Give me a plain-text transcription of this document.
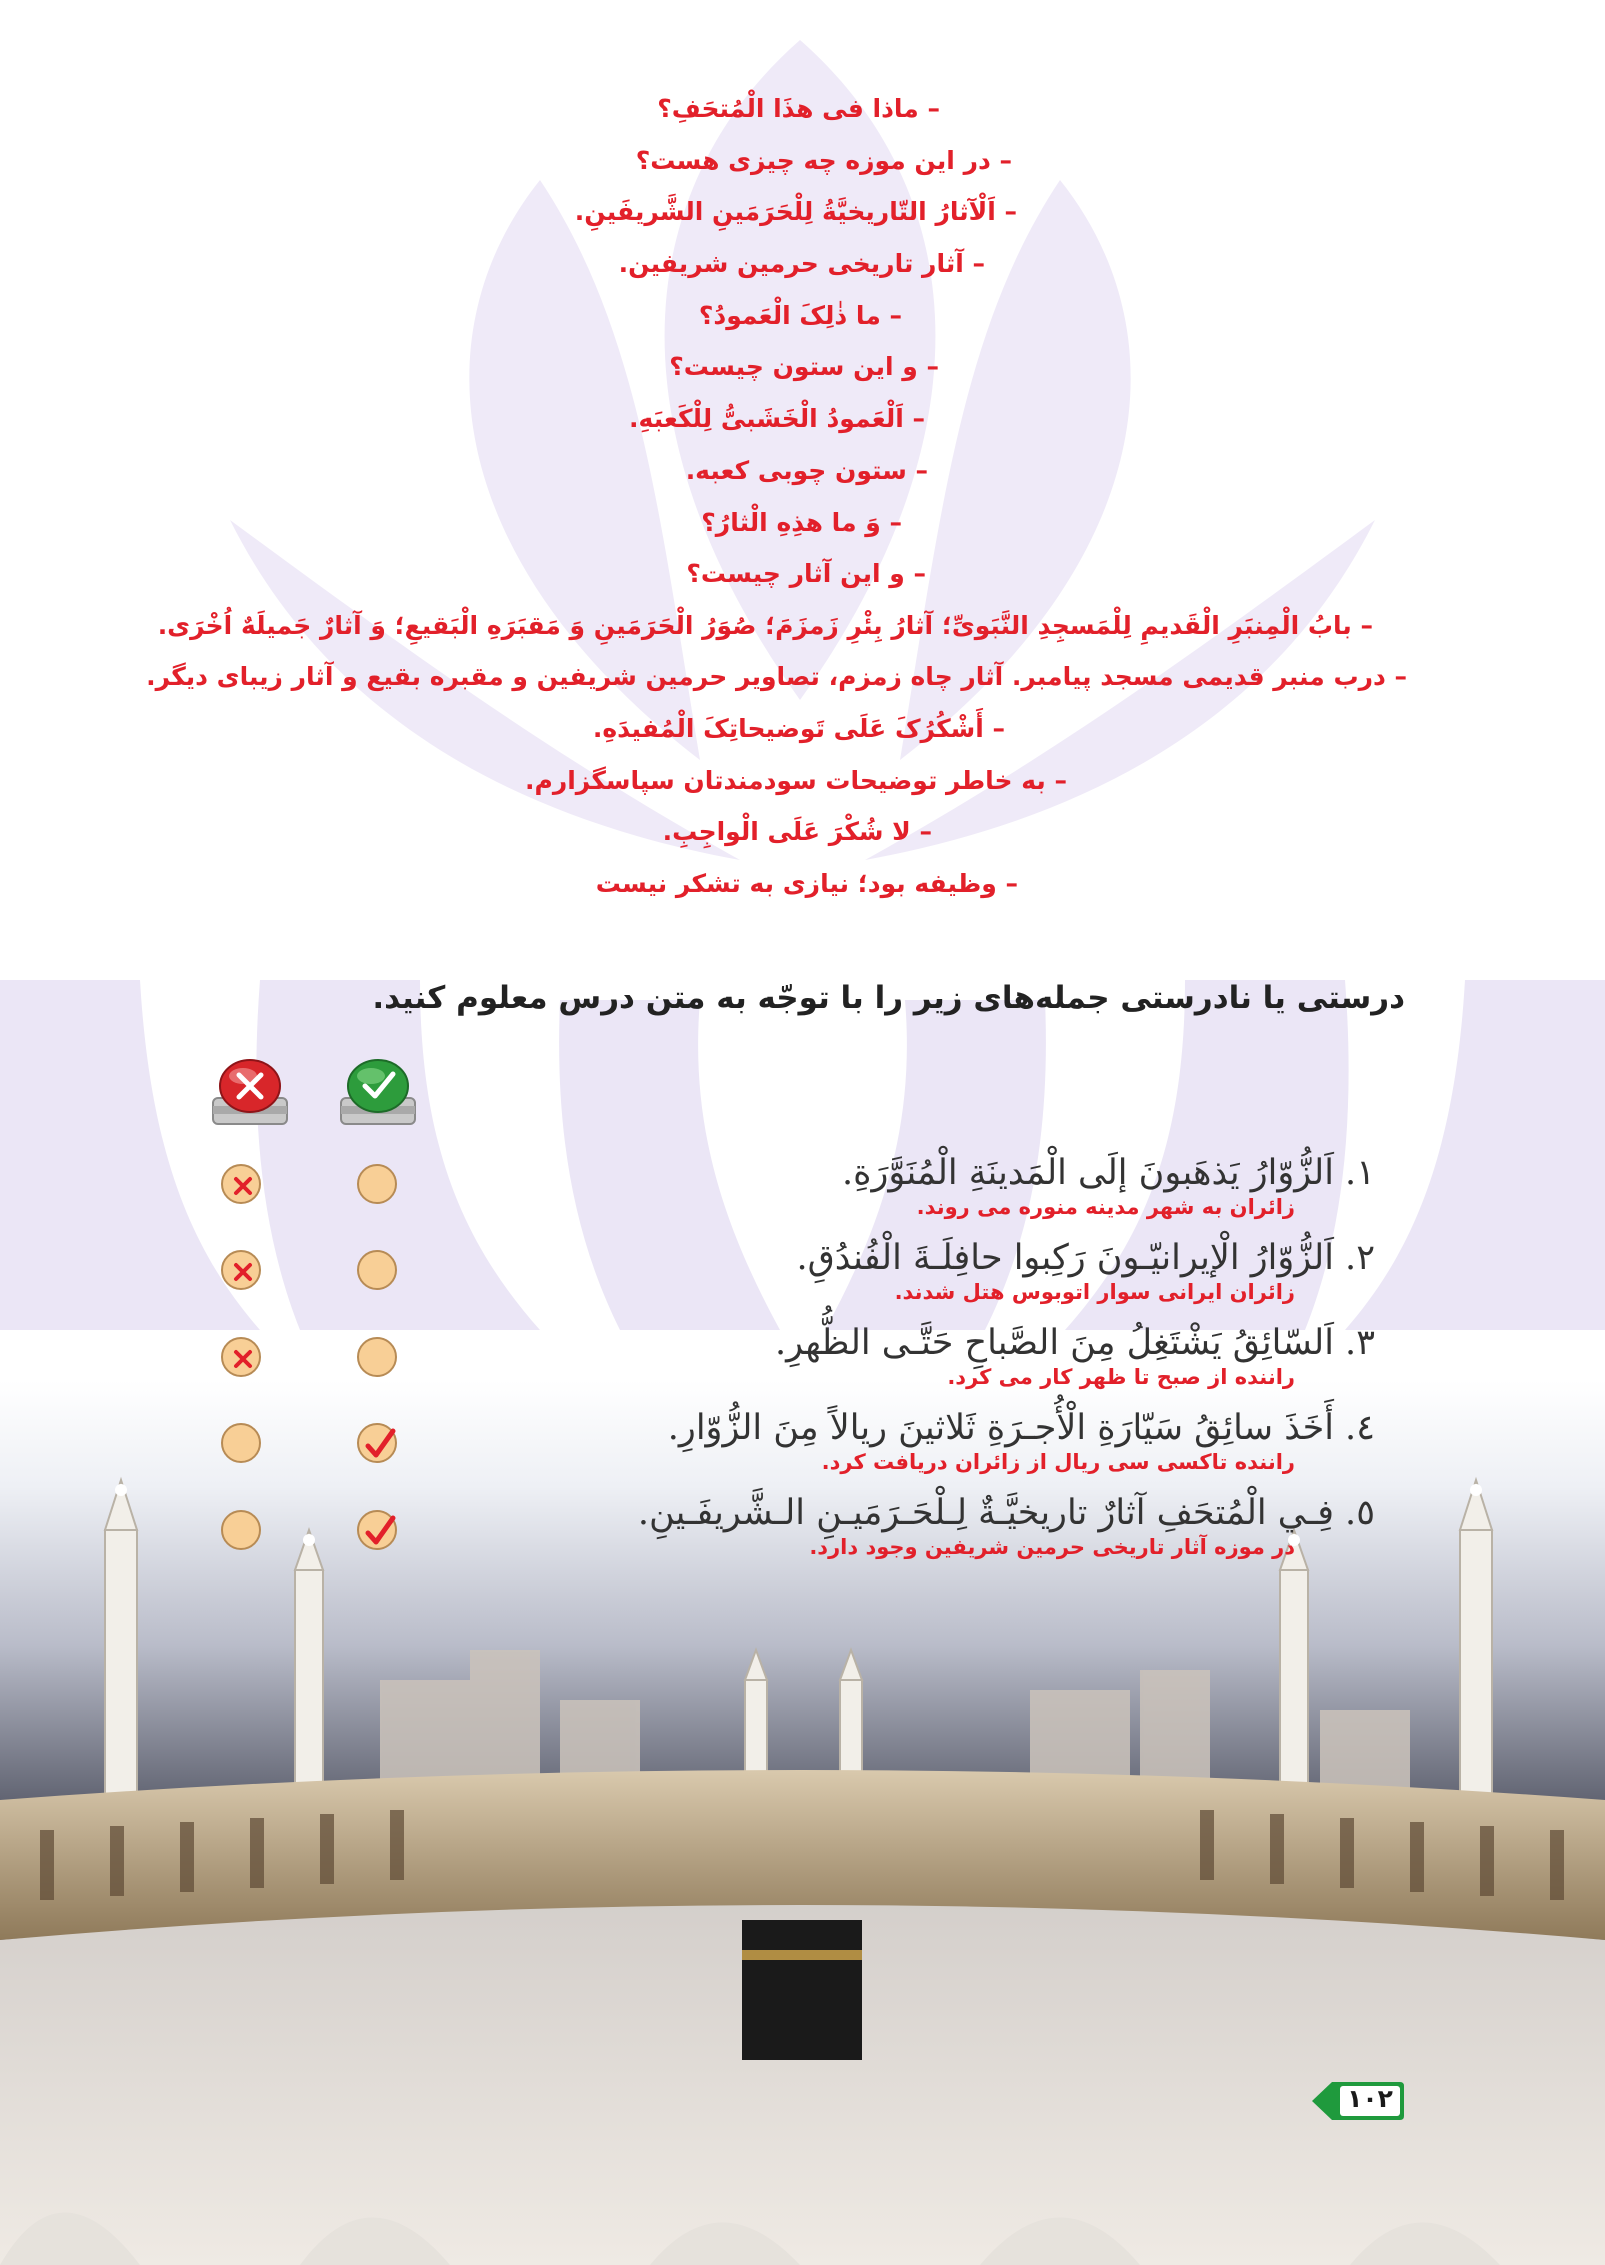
– ماذا فی هذَا الْمُتحَفِ؟
– در این موزه چه چیزی هست؟
– اَلْآثارُ التّاریخیَّةُ لِلْحَرَمَینِ الشَّریفَینِ.
– آثار تاریخی حرمین شریفین.
– ما ذٰلِکَ الْعَمودُ؟
– و این ستون چیست؟
– اَلْعَمودُ الْخَشَبیُّ لِلْکَعبَهِ.
– ستون چوبی کعبه.
– وَ ما هذِهِ الْثارُ؟
– و این آثار چیست؟
– بابُ الْمِنبَرِ الْقَدیمِ لِلْمَسجِدِ النَّبَویِّ؛ آثارُ بِئْرِ زَمزَمَ؛ صُوَرُ الْحَرَمَینِ وَ مَقبَرَهِ الْبَقیعِ؛ وَ آثارٌ جَمیلَهٌ اُخْرَی.
– درب منبر قدیمی مسجد پیامبر. آثار چاه زمزم، تصاویر حرمین شریفین و مقبره بقیع و آثار زیبای دیگر.
– أَشْکُرُکَ عَلَی تَوضیحاتِکَ الْمُفیدَهِ.
– به خاطر توضیحات سودمندتان سپاسگزارم.
– لا شُکْرَ عَلَی الْواجِبِ.
– وظیفه بود؛ نیازی به تشکر نیست
درستی یا نادرستی جمله‌های زیر را با توجّه به متن درس معلوم کنید.
١. اَلزُّوّارُ يَذهَبونَ إلَى الْمَدينَةِ الْمُنَوَّرَةِ.
زائران به شهر مدینه منوره می روند.
٢. اَلزُّوّارُ الْإيرانيّـونَ رَكِبوا حافِلَـةَ الْفُندُقِ.
زائران ایرانی سوار اتوبوس هتل شدند.
٣. اَلسّائِقُ يَشْتَغِلُ مِنَ الصَّباحِ حَتَّـى الظُّهرِ.
راننده از صبح تا ظهر کار می کرد.
٤. أَخَذَ سائِقُ سَيّارَةِ الْأُجـرَةِ ثَلاثينَ ريالاً مِنَ الزُّوّارِ.
راننده تاکسی سی ریال از زائران دریافت کرد.
٥. فِـي الْمُتحَفِ آثارٌ تاريخيَّـةٌ لِـلْحَـرَمَيـنِ الـشَّريفَـينِ.
در موزه آثار تاریخی حرمین شریفین وجود دارد.
١٠٢
